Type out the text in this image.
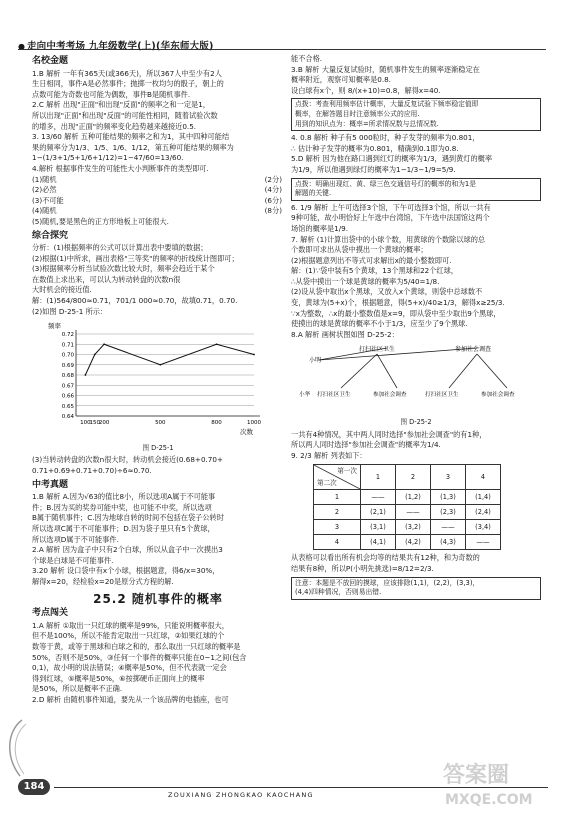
● 走向中考考场 九年级数学(上)(华东师大版)
名校金题
1.B 解析 一年有365天(或366天)，所以367人中至少有2人
生日相同，事件A是必然事件；抛掷一枚均匀的骰子，朝上的
点数可能为奇数也可能为偶数，事件B是随机事件.
2.C 解析 出现"正面"和出现"反面"的频率之和一定是1，
所以出现"正面"和出现"反面"的可能性相同，随着试验次数
的增多，出现"正面"的频率变化趋势越来越接近0.5.
3. 13/60 解析 五种可能结果的频率之和为1，其中四种可能结
果的频率分为1/3、1/5、1/6、1/12，第五种可能结果的频率为
1−(1/3+1/5+1/6+1/12)=1−47/60=13/60.
4.解析 根据事件发生的可能性大小判断事件的类型即可.
(1)随机	(2分)
(2)必然	(4分)
(3)不可能	(6分)
(4)随机	(8分)
(5)随机,要是黑色的正方形地板上可能很大.
综合探究
分析：(1)根据频率的公式可以计算出表中要填的数据；
(2)根据(1)中所求，画出表格"三等奖"的频率的折线统计图即可；
(3)根据频率分析当试验次数比较大时，频率会趋近于某个
在数值上求出来，可以认为转动转盘的次数n很
大时机会的接近值.
解：(1)564/800≈0.71，701/1 000≈0.70，故填0.71，0.70.
(2)如图 D-25-1 所示：
频率
0.72
0.71
0.70
0.69
0.68
0.67
0.66
0.65
0.64
100
150
200	500	800	1000
次数
图 D-25-1
(3)当转动转盘的次数n很大时，转动机会接近(0.68+0.70+
0.71+0.69+0.71+0.70)÷6≈0.70.
中考真题
1.B 解析 A.因为√63的值比8小，所以选项A属于不可能事
件；B.因为买的奖券可能中奖，也可能不中奖，所以选项
B属于随机事件；C.因为地球自转的时间不包括在袋子公转时
所以选项C属于不可能事件；D.因为袋子里只有5个黄球，
所以选项D属于不可能事件.
2.A 解析 因为盒子中只有2个白球，所以从盒子中一次摸出3
个球是白球是不可能事件.
3.20 解析 设口袋中有x个小球，根据题意，得6/x=30%，
解得x=20，经检验x=20是原分式方程的解.
25.2 随机事件的概率
考点闯关
1.A 解析 ①取出一只红球的概率是99%，只能说明概率很大，
但不是100%，所以不能肯定取出一只红球，②如果红球的个
数等于黄，或等于黑球和白球之和的，那么取出一只红球的概率是
50%，否则不是50%，③任何一个事件的概率只能在0~1之间(包含
0,1)，故小明的说法错误；④概率是50%，但不代表就一定会
得到红球，⑤概率是50%，⑥按掷硬币正面向上的概率
是50%，所以是概率不正确.
2.D 解析 由随机事件知道，要先从一个该品牌的电插座，也可
能不合格.
3.B 解析 大量反复试验时，随机事件发生的频率逐渐稳定在
概率附近，观察可知概率是0.8.
设白球有x个，则 8/(x+10)=0.8，解得x=40.
点拨：考查利用频率估计概率，大量反复试验下频率稳定值即
概率，在解答题目时注意频率公式的应用.
用到的知识点为：概率=所求情况数与总情况数.
4. 0.8 解析 种子有5 000粒时，种子发芽的频率为0.801，
∴ 估计种子发芽的概率为0.801，精确到0.1即为0.8.
5.D 解析 因为他在路口遇到红灯的概率为1/3，遇到黄灯的概率
为1/9，所以他遇到绿灯的概率为1−1/3−1/9=5/9.
点拨：明确出现红、黄、绿三色交通信号灯的概率的和为1是
解题的关键.
6. 1/9 解析 上午可选择3个馆，下午可选择3个馆，所以一共有
9种可能，故小明恰好上午选中台湾馆，下午选中法国馆这两个
场馆的概率是1/9.
7. 解析 (1)计算出袋中的小球个数，用黄球的个数除以球的总
个数即可求出从袋中摸出一个黄球的概率；
(2)根据题意列出不等式可求解出x的最小整数即可.
解：(1)∵袋中装有5个黄球，13个黑球和22个红球，
∴从袋中摸出一个球是黄球的概率为5/40=1/8.
(2)设从袋中取出x个黑球，又放入x个黄球，则袋中总球数不
变，黄球为(5+x)个，根据题意，得(5+x)/40≥1/3，解得x≥25/3.
∵x为整数，∴x的最小整数值是x=9，即从袋中至少取出9个黑球，
使摸出的球是黄球的概率不小于1/3，应至少了9个黑球.
8.A 解析 画树状图如图 D-25-2：
小明
打扫社区卫生	参加社会调查
小华 打扫社区卫生	参加社会调查	打扫社区卫生	参加社会调查
图 D-25-2
一共有4种情况，其中两人同时选择"参加社会调查"的有1种，
所以两人同时选择"参加社会调查"的概率为1/4.
9. 2/3 解析 列表如下：
第一次
第二次	1	2	3	4
1	——	(1,2)	(1,3)	(1,4)
2	(2,1)	——	(2,3)	(2,4)
3	(3,1)	(3,2)	——	(3,4)
4	(4,1)	(4,2)	(4,3)	——
从表格可以看出所有机会均等的结果共有12种，和为奇数的
结果有8种，所以P(小明先挑选)=8/12=2/3.
注意：本题是不放回的摸球，应该排除(1,1)，(2,2)，(3,3)，
(4,4)四种情况，否则易出错.
184
ZOUXIANG ZHONGKAO KAOCHANG
答案圈
MXQE.COM
